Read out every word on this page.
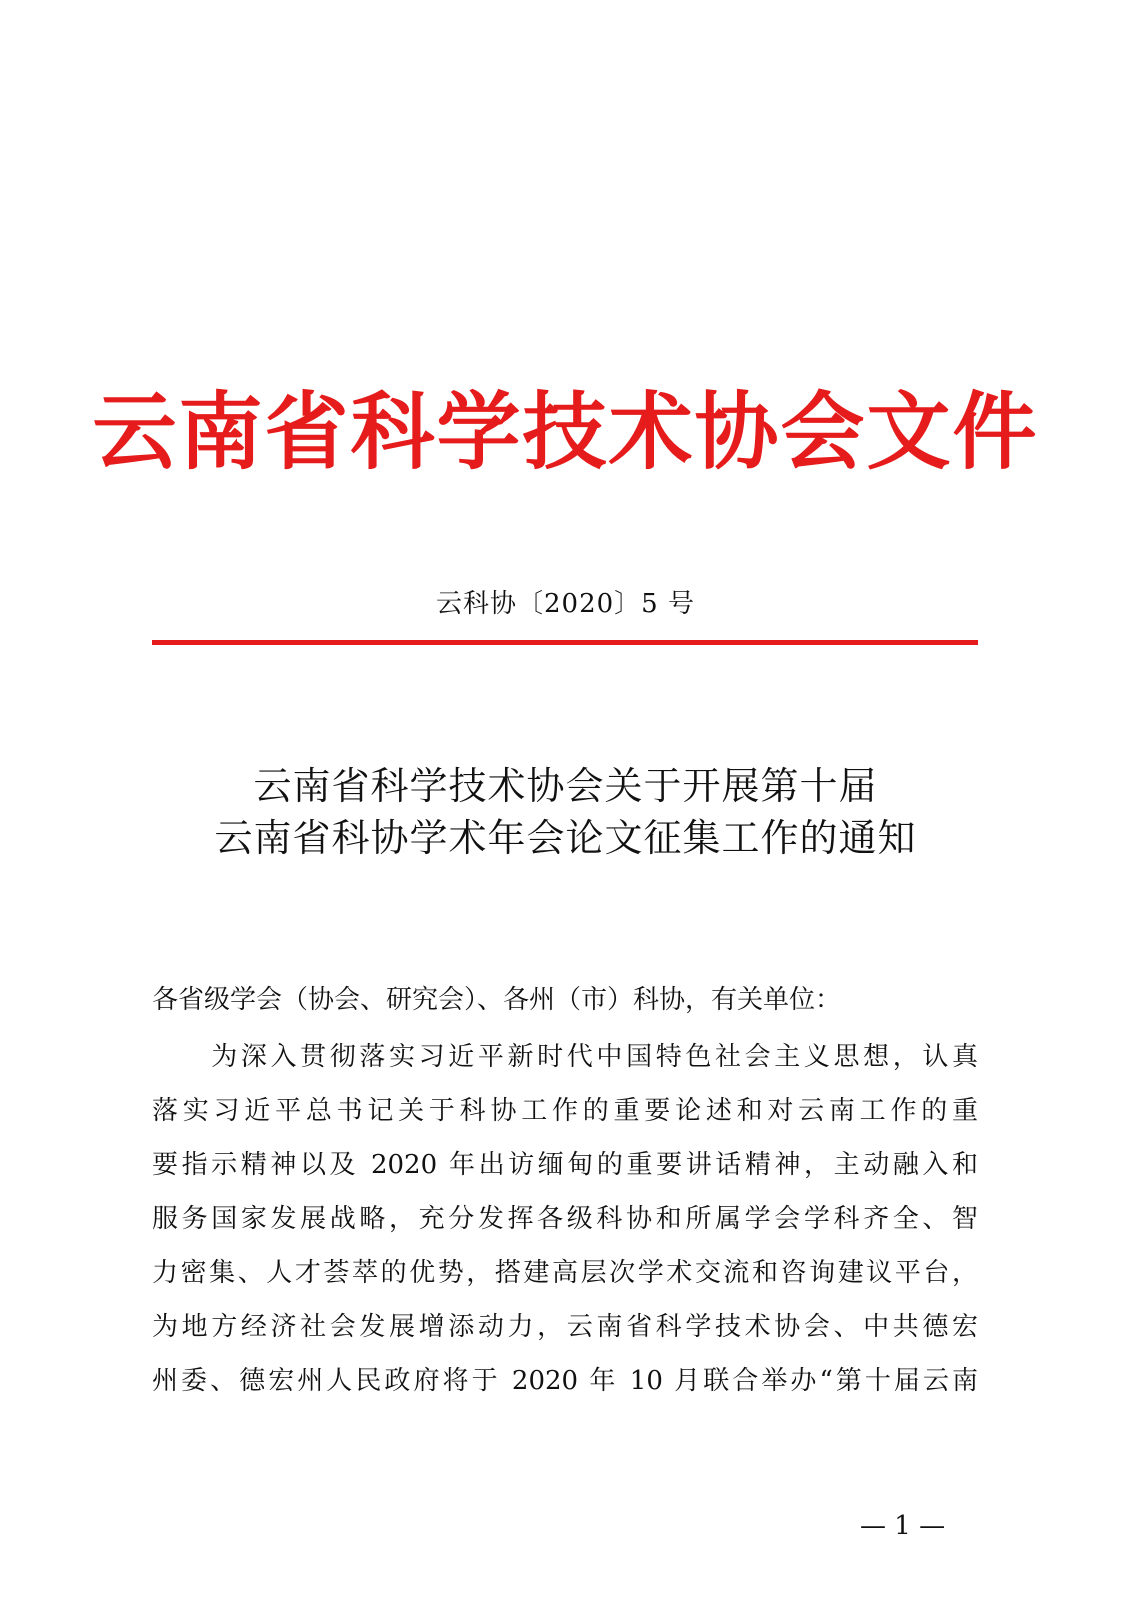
云南省科学技术协会文件
云科协〔2020〕5 号
云南省科学技术协会关于开展第十届
云南省科协学术年会论文征集工作的通知
各省级学会（协会、研究会）、各州（市）科协，有关单位：
　　为深入贯彻落实习近平新时代中国特色社会主义思想，认真
落实习近平总书记关于科协工作的重要论述和对云南工作的重
要指示精神以及 2020 年出访缅甸的重要讲话精神，主动融入和
服务国家发展战略，充分发挥各级科协和所属学会学科齐全、智
力密集、人才荟萃的优势，搭建高层次学术交流和咨询建议平台，
为地方经济社会发展增添动力，云南省科学技术协会、中共德宏
州委、德宏州人民政府将于 2020 年 10 月联合举办“第十届云南
— 1 —
